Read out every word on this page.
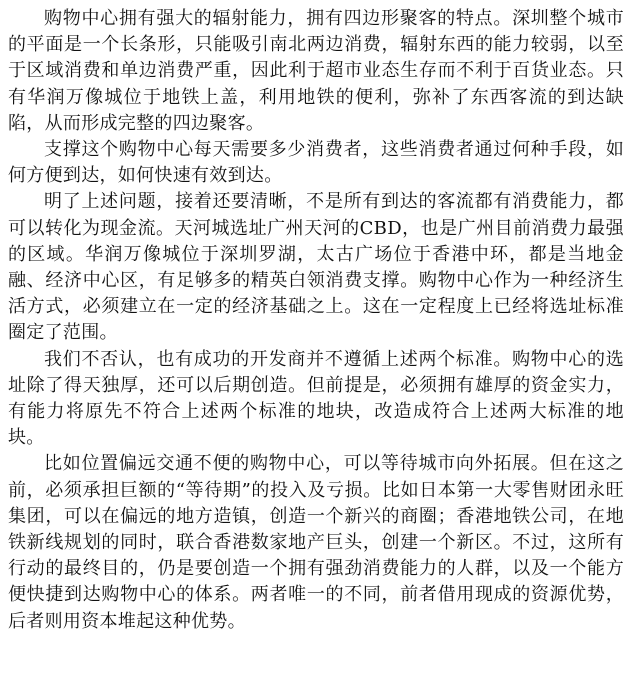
购物中心拥有强大的辐射能力，拥有四边形聚客的特点。深圳整个城市的平面是一个长条形，只能吸引南北两边消费，辐射东西的能力较弱，以至于区域消费和单边消费严重，因此利于超市业态生存而不利于百货业态。只有华润万像城位于地铁上盖，利用地铁的便利，弥补了东西客流的到达缺陷，从而形成完整的四边聚客。

支撑这个购物中心每天需要多少消费者，这些消费者通过何种手段，如何方便到达，如何快速有效到达。

明了上述问题，接着还要清晰，不是所有到达的客流都有消费能力，都可以转化为现金流。天河城选址广州天河的CBD，也是广州目前消费力最强的区域。华润万像城位于深圳罗湖，太古广场位于香港中环，都是当地金融、经济中心区，有足够多的精英白领消费支撑。购物中心作为一种经济生活方式，必须建立在一定的经济基础之上。这在一定程度上已经将选址标准圈定了范围。

我们不否认，也有成功的开发商并不遵循上述两个标准。购物中心的选址除了得天独厚，还可以后期创造。但前提是，必须拥有雄厚的资金实力，有能力将原先不符合上述两个标准的地块，改造成符合上述两大标准的地块。

比如位置偏远交通不便的购物中心，可以等待城市向外拓展。但在这之前，必须承担巨额的“等待期”的投入及亏损。比如日本第一大零售财团永旺集团，可以在偏远的地方造镇，创造一个新兴的商圈；香港地铁公司，在地铁新线规划的同时，联合香港数家地产巨头，创建一个新区。不过，这所有行动的最终目的，仍是要创造一个拥有强劲消费能力的人群，以及一个能方便快捷到达购物中心的体系。两者唯一的不同，前者借用现成的资源优势，后者则用资本堆起这种优势。
